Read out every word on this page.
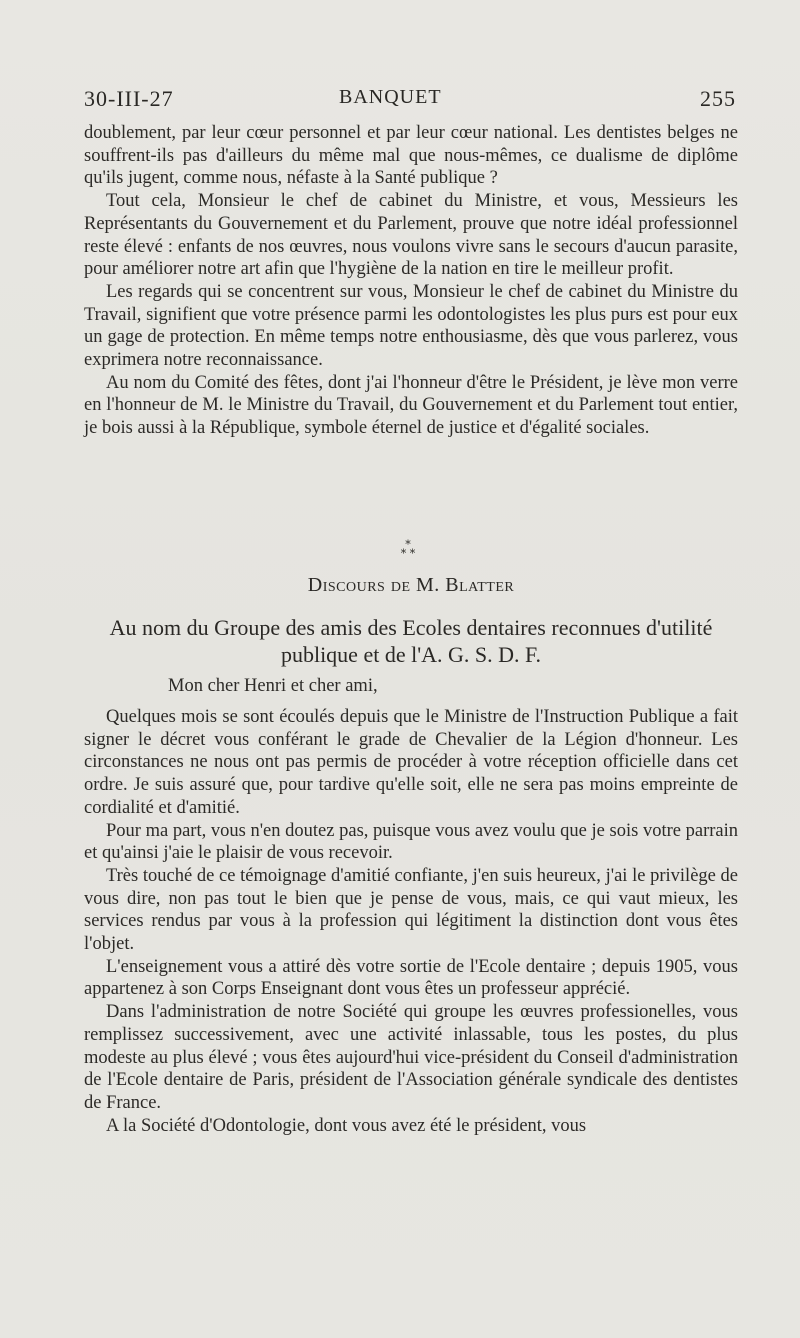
30-III-27	BANQUET	255

doublement, par leur cœur personnel et par leur cœur national. Les dentistes belges ne souffrent-ils pas d'ailleurs du même mal que nous-mêmes, ce dualisme de diplôme qu'ils jugent, comme nous, néfaste à la Santé publique ?

Tout cela, Monsieur le chef de cabinet du Ministre, et vous, Messieurs les Représentants du Gouvernement et du Parlement, prouve que notre idéal professionnel reste élevé : enfants de nos œuvres, nous voulons vivre sans le secours d'aucun parasite, pour améliorer notre art afin que l'hygiène de la nation en tire le meilleur profit.

Les regards qui se concentrent sur vous, Monsieur le chef de cabinet du Ministre du Travail, signifient que votre présence parmi les odontologistes les plus purs est pour eux un gage de protection. En même temps notre enthousiasme, dès que vous parlerez, vous exprimera notre reconnaissance.

Au nom du Comité des fêtes, dont j'ai l'honneur d'être le Président, je lève mon verre en l'honneur de M. le Ministre du Travail, du Gouvernement et du Parlement tout entier, je bois aussi à la République, symbole éternel de justice et d'égalité sociales.

*
* *
Discours de M. Blatter
Au nom du Groupe des amis des Ecoles dentaires reconnues d'utilité publique et de l'A. G. S. D. F.
Mon cher Henri et cher ami,

Quelques mois se sont écoulés depuis que le Ministre de l'Instruction Publique a fait signer le décret vous conférant le grade de Chevalier de la Légion d'honneur. Les circonstances ne nous ont pas permis de procéder à votre réception officielle dans cet ordre. Je suis assuré que, pour tardive qu'elle soit, elle ne sera pas moins empreinte de cordialité et d'amitié.

Pour ma part, vous n'en doutez pas, puisque vous avez voulu que je sois votre parrain et qu'ainsi j'aie le plaisir de vous recevoir.

Très touché de ce témoignage d'amitié confiante, j'en suis heureux, j'ai le privilège de vous dire, non pas tout le bien que je pense de vous, mais, ce qui vaut mieux, les services rendus par vous à la profession qui légitiment la distinction dont vous êtes l'objet.

L'enseignement vous a attiré dès votre sortie de l'Ecole dentaire ; depuis 1905, vous appartenez à son Corps Enseignant dont vous êtes un professeur apprécié.

Dans l'administration de notre Société qui groupe les œuvres professionelles, vous remplissez successivement, avec une activité inlassable, tous les postes, du plus modeste au plus élevé ; vous êtes aujourd'hui vice-président du Conseil d'administration de l'Ecole dentaire de Paris, président de l'Association générale syndicale des dentistes de France.

A la Société d'Odontologie, dont vous avez été le président, vous
